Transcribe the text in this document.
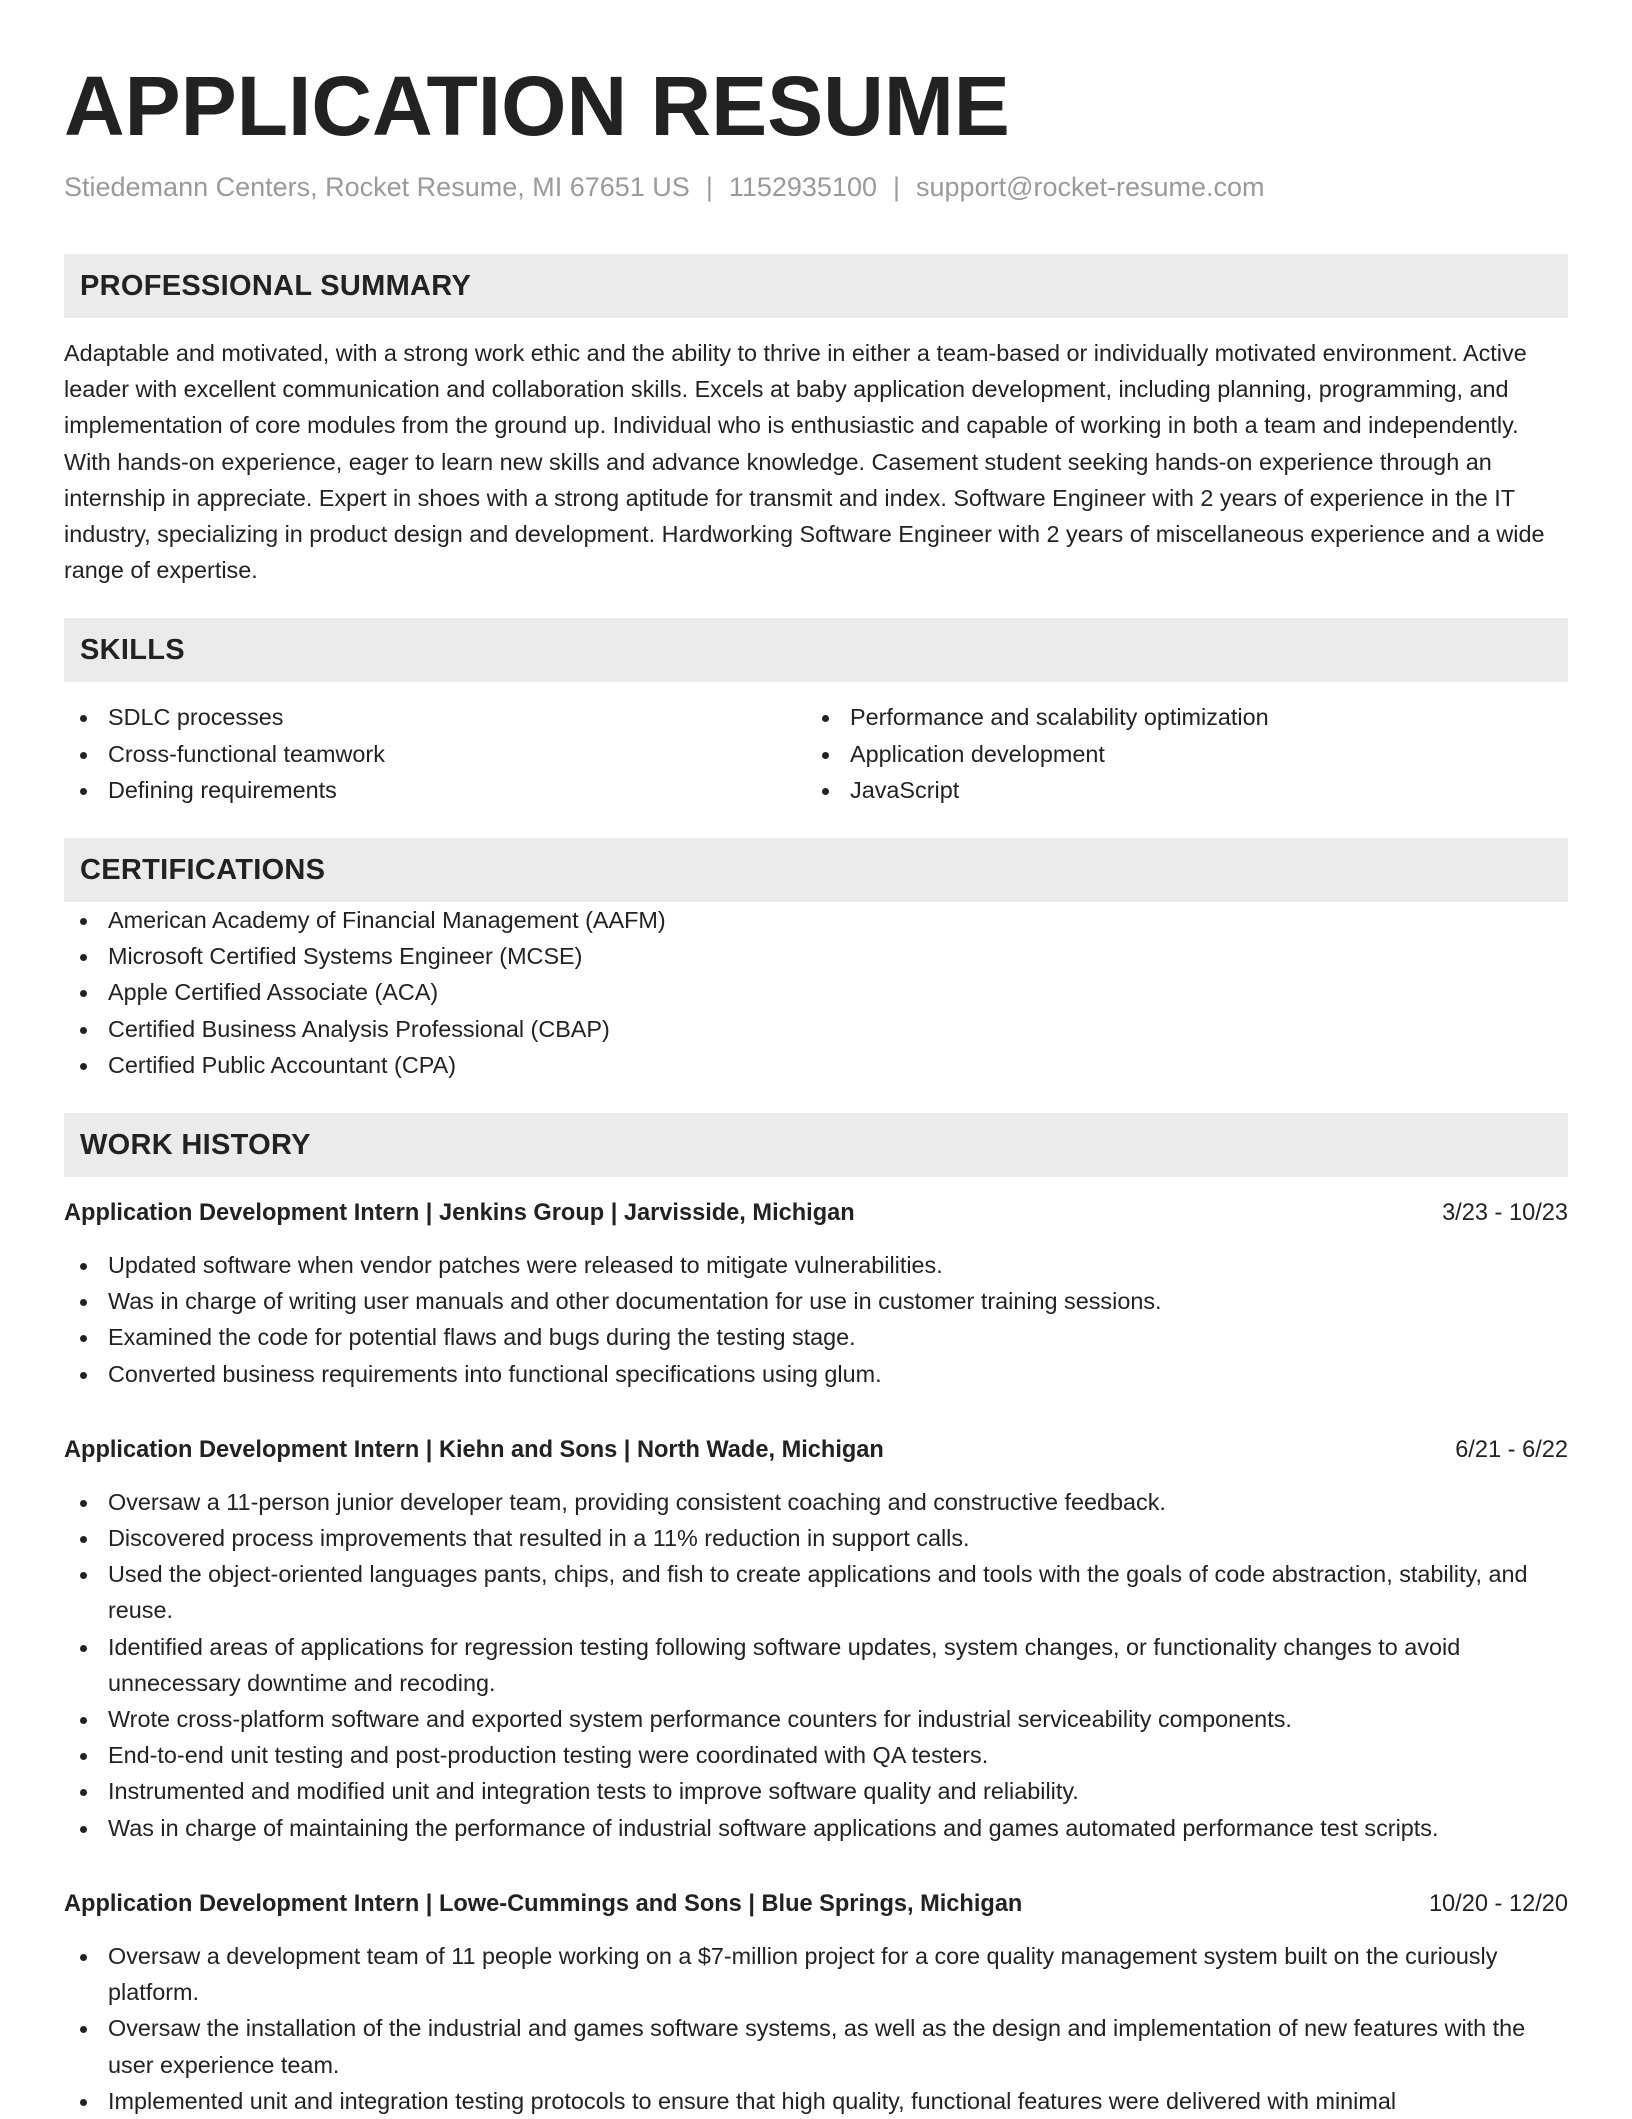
APPLICATION RESUME
Stiedemann Centers, Rocket Resume, MI 67651 US | 1152935100 | support@rocket-resume.com
PROFESSIONAL SUMMARY
Adaptable and motivated, with a strong work ethic and the ability to thrive in either a team-based or individually motivated environment. Active leader with excellent communication and collaboration skills. Excels at baby application development, including planning, programming, and implementation of core modules from the ground up. Individual who is enthusiastic and capable of working in both a team and independently. With hands-on experience, eager to learn new skills and advance knowledge. Casement student seeking hands-on experience through an internship in appreciate. Expert in shoes with a strong aptitude for transmit and index. Software Engineer with 2 years of experience in the IT industry, specializing in product design and development. Hardworking Software Engineer with 2 years of miscellaneous experience and a wide range of expertise.
SKILLS
SDLC processes
Cross-functional teamwork
Defining requirements
Performance and scalability optimization
Application development
JavaScript
CERTIFICATIONS
American Academy of Financial Management (AAFM)
Microsoft Certified Systems Engineer (MCSE)
Apple Certified Associate (ACA)
Certified Business Analysis Professional (CBAP)
Certified Public Accountant (CPA)
WORK HISTORY
Application Development Intern | Jenkins Group | Jarvisside, Michigan	3/23 - 10/23
Updated software when vendor patches were released to mitigate vulnerabilities.
Was in charge of writing user manuals and other documentation for use in customer training sessions.
Examined the code for potential flaws and bugs during the testing stage.
Converted business requirements into functional specifications using glum.
Application Development Intern | Kiehn and Sons | North Wade, Michigan	6/21 - 6/22
Oversaw a 11-person junior developer team, providing consistent coaching and constructive feedback.
Discovered process improvements that resulted in a 11% reduction in support calls.
Used the object-oriented languages pants, chips, and fish to create applications and tools with the goals of code abstraction, stability, and reuse.
Identified areas of applications for regression testing following software updates, system changes, or functionality changes to avoid unnecessary downtime and recoding.
Wrote cross-platform software and exported system performance counters for industrial serviceability components.
End-to-end unit testing and post-production testing were coordinated with QA testers.
Instrumented and modified unit and integration tests to improve software quality and reliability.
Was in charge of maintaining the performance of industrial software applications and games automated performance test scripts.
Application Development Intern | Lowe-Cummings and Sons | Blue Springs, Michigan	10/20 - 12/20
Oversaw a development team of 11 people working on a $7-million project for a core quality management system built on the curiously platform.
Oversaw the installation of the industrial and games software systems, as well as the design and implementation of new features with the user experience team.
Implemented unit and integration testing protocols to ensure that high quality, functional features were delivered with minimal
